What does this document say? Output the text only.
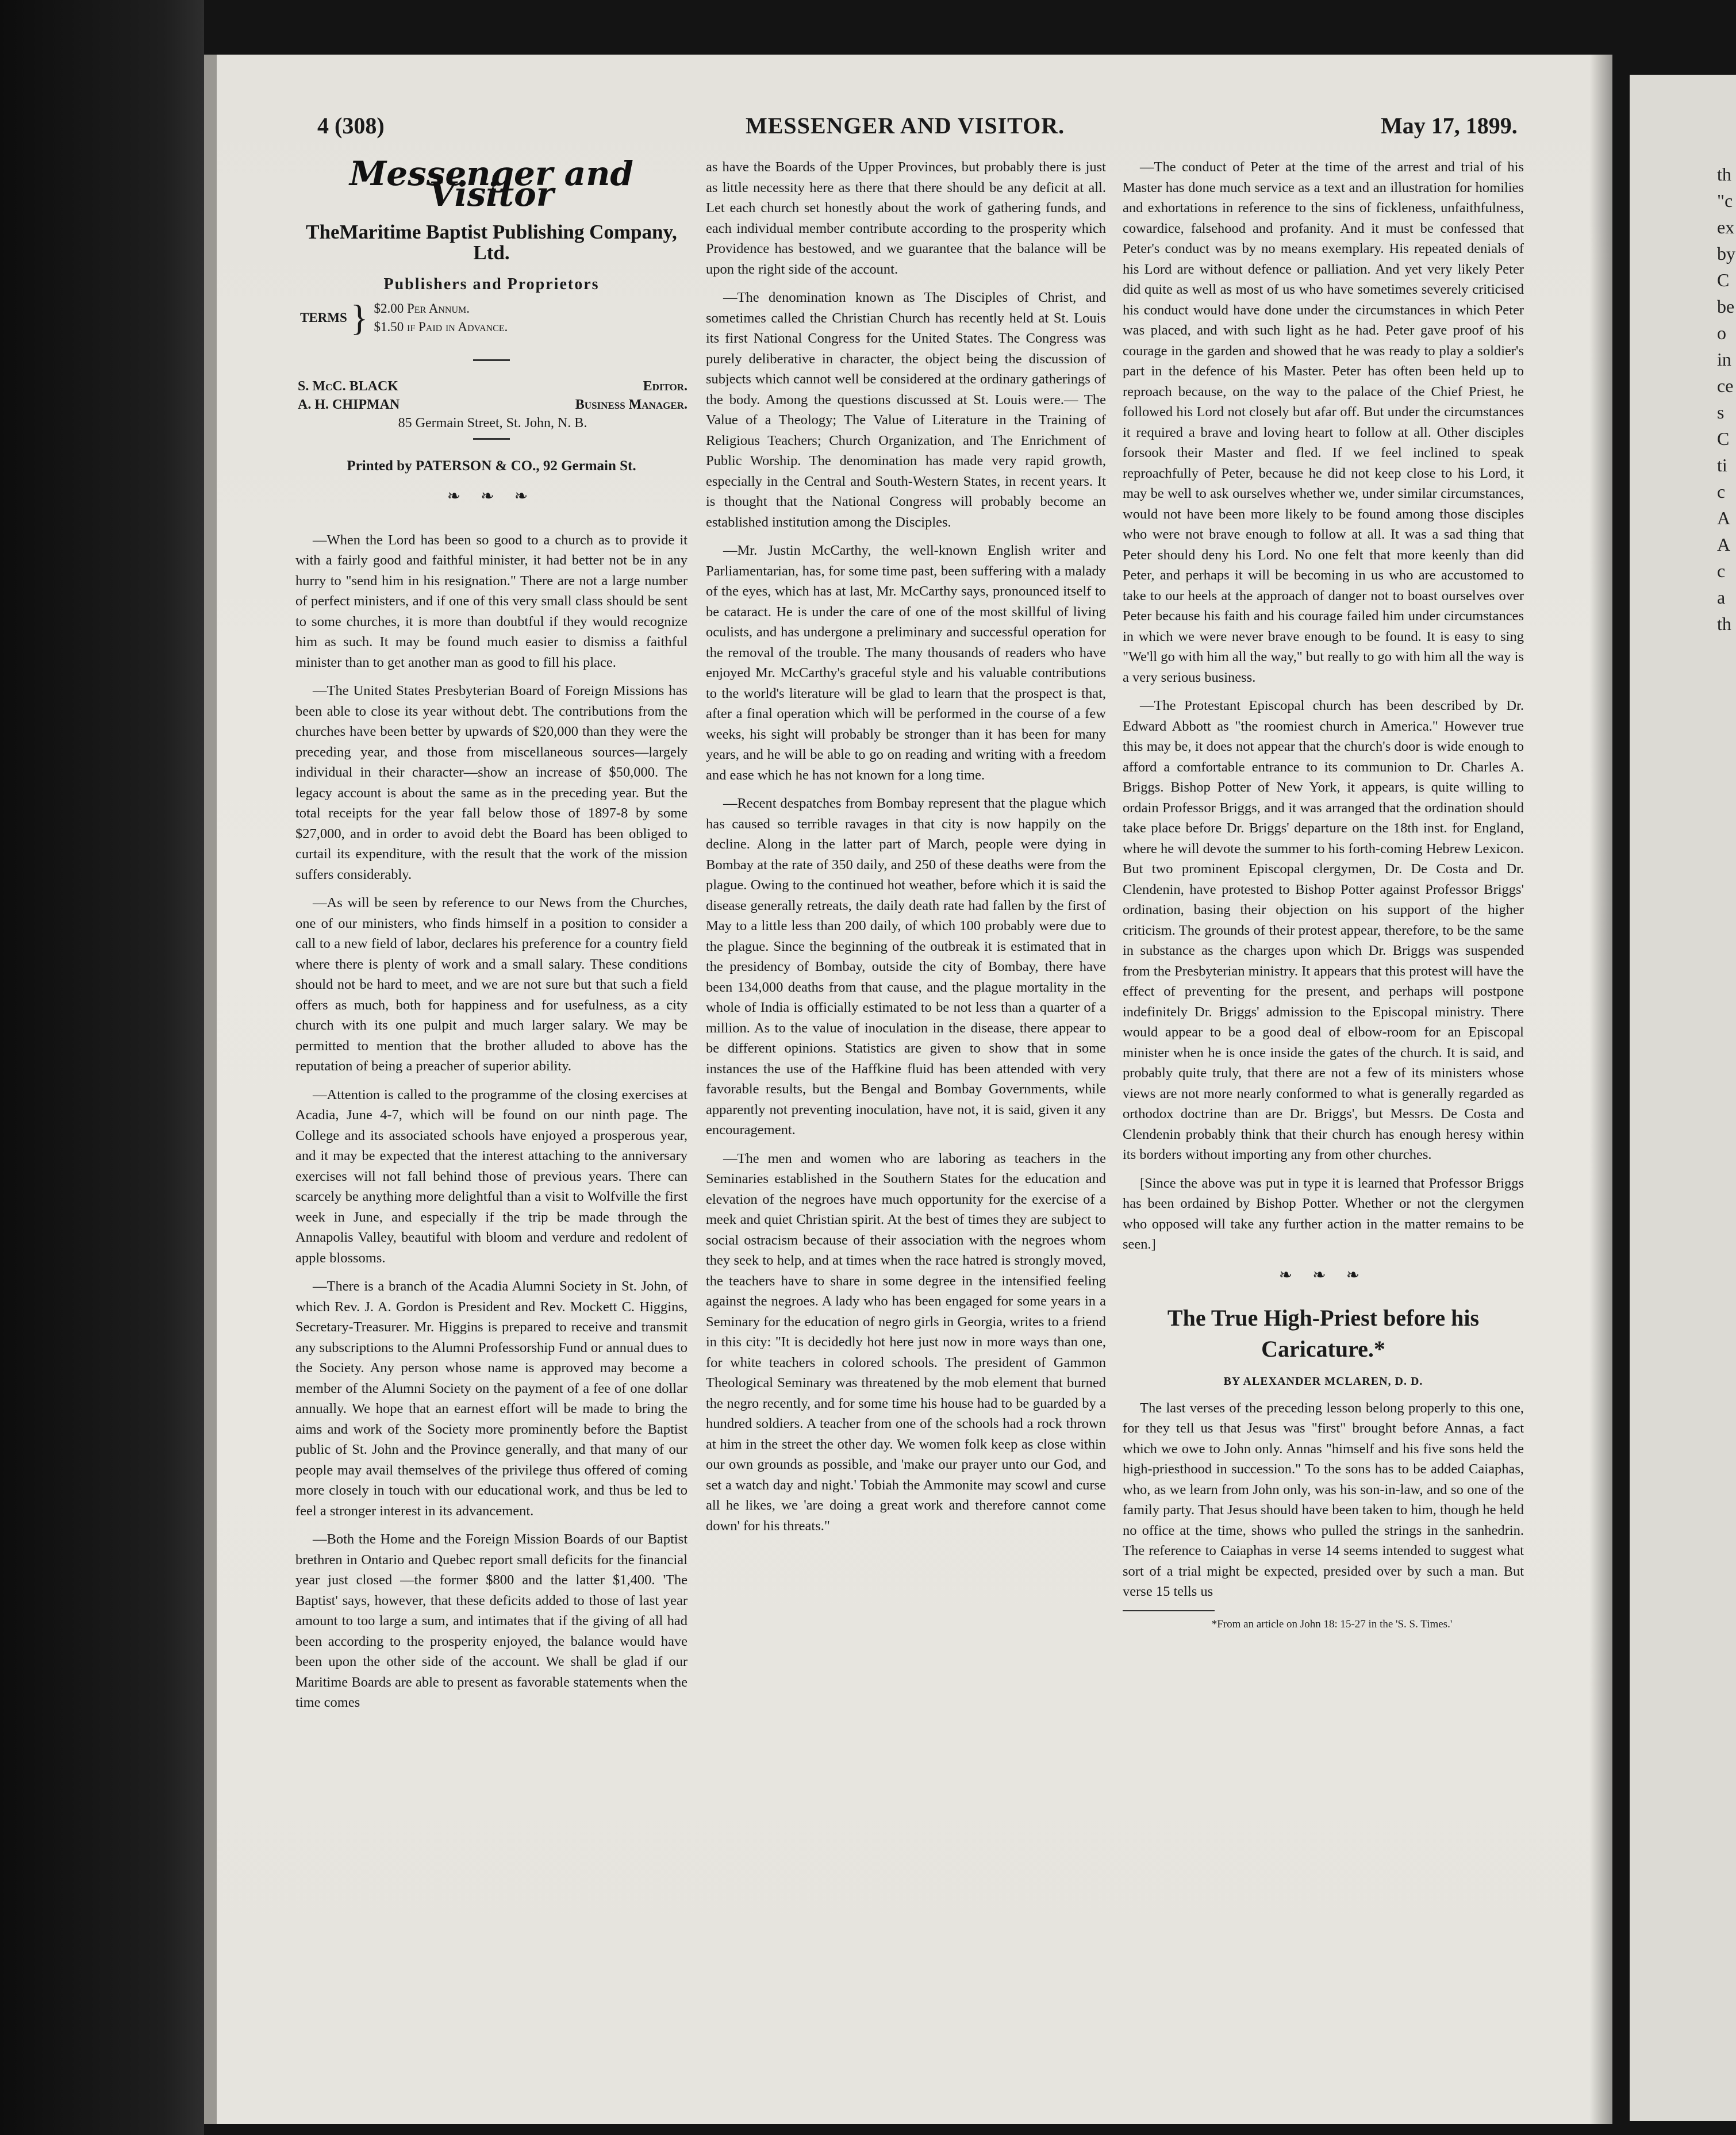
4 (308)	MESSENGER AND VISITOR.	May 17, 1899.
Messenger and Visitor
TheMaritime Baptist Publishing Company, Ltd.
Publishers and Proprietors
TERMS } $2.00 Per Annum.
$1.50 if Paid in Advance.
S. McC. BLACK	Editor.
A. H. CHIPMAN	Business Manager.
85 Germain Street, St. John, N. B.
Printed by PATERSON & CO., 92 Germain St.
❧ ❧ ❧

—When the Lord has been so good to a church as to provide it with a fairly good and faithful minister, it had better not be in any hurry to "send him in his resignation." There are not a large number of perfect ministers, and if one of this very small class should be sent to some churches, it is more than doubtful if they would recognize him as such. It may be found much easier to dismiss a faithful minister than to get another man as good to fill his place.

—The United States Presbyterian Board of Foreign Missions has been able to close its year without debt. The contributions from the churches have been better by upwards of $20,000 than they were the preceding year, and those from miscellaneous sources—largely individual in their character—show an increase of $50,000. The legacy account is about the same as in the preceding year. But the total receipts for the year fall below those of 1897-8 by some $27,000, and in order to avoid debt the Board has been obliged to curtail its expenditure, with the result that the work of the mission suffers considerably.

—As will be seen by reference to our News from the Churches, one of our ministers, who finds himself in a position to consider a call to a new field of labor, declares his preference for a country field where there is plenty of work and a small salary. These conditions should not be hard to meet, and we are not sure but that such a field offers as much, both for happiness and for usefulness, as a city church with its one pulpit and much larger salary. We may be permitted to mention that the brother alluded to above has the reputation of being a preacher of superior ability.

—Attention is called to the programme of the closing exercises at Acadia, June 4-7, which will be found on our ninth page. The College and its associated schools have enjoyed a prosperous year, and it may be expected that the interest attaching to the anniversary exercises will not fall behind those of previous years. There can scarcely be anything more delightful than a visit to Wolfville the first week in June, and especially if the trip be made through the Annapolis Valley, beautiful with bloom and verdure and redolent of apple blossoms.

—There is a branch of the Acadia Alumni Society in St. John, of which Rev. J. A. Gordon is President and Rev. Mockett C. Higgins, Secretary-Treasurer. Mr. Higgins is prepared to receive and transmit any subscriptions to the Alumni Professorship Fund or annual dues to the Society. Any person whose name is approved may become a member of the Alumni Society on the payment of a fee of one dollar annually. We hope that an earnest effort will be made to bring the aims and work of the Society more prominently before the Baptist public of St. John and the Province generally, and that many of our people may avail themselves of the privilege thus offered of coming more closely in touch with our educational work, and thus be led to feel a stronger interest in its advancement.

—Both the Home and the Foreign Mission Boards of our Baptist brethren in Ontario and Quebec report small deficits for the financial year just closed —the former $800 and the latter $1,400. 'The Baptist' says, however, that these deficits added to those of last year amount to too large a sum, and intimates that if the giving of all had been according to the prosperity enjoyed, the balance would have been upon the other side of the account. We shall be glad if our Maritime Boards are able to present as favorable statements when the time comes

as have the Boards of the Upper Provinces, but probably there is just as little necessity here as there that there should be any deficit at all. Let each church set honestly about the work of gathering funds, and each individual member contribute according to the prosperity which Providence has bestowed, and we guarantee that the balance will be upon the right side of the account.

—The denomination known as The Disciples of Christ, and sometimes called the Christian Church has recently held at St. Louis its first National Congress for the United States. The Congress was purely deliberative in character, the object being the discussion of subjects which cannot well be considered at the ordinary gatherings of the body. Among the questions discussed at St. Louis were.— The Value of a Theology; The Value of Literature in the Training of Religious Teachers; Church Organization, and The Enrichment of Public Worship. The denomination has made very rapid growth, especially in the Central and South-Western States, in recent years. It is thought that the National Congress will probably become an established institution among the Disciples.

—Mr. Justin McCarthy, the well-known English writer and Parliamentarian, has, for some time past, been suffering with a malady of the eyes, which has at last, Mr. McCarthy says, pronounced itself to be cataract. He is under the care of one of the most skillful of living oculists, and has undergone a preliminary and successful operation for the removal of the trouble. The many thousands of readers who have enjoyed Mr. McCarthy's graceful style and his valuable contributions to the world's literature will be glad to learn that the prospect is that, after a final operation which will be performed in the course of a few weeks, his sight will probably be stronger than it has been for many years, and he will be able to go on reading and writing with a freedom and ease which he has not known for a long time.

—Recent despatches from Bombay represent that the plague which has caused so terrible ravages in that city is now happily on the decline. Along in the latter part of March, people were dying in Bombay at the rate of 350 daily, and 250 of these deaths were from the plague. Owing to the continued hot weather, before which it is said the disease generally retreats, the daily death rate had fallen by the first of May to a little less than 200 daily, of which 100 probably were due to the plague. Since the beginning of the outbreak it is estimated that in the presidency of Bombay, outside the city of Bombay, there have been 134,000 deaths from that cause, and the plague mortality in the whole of India is officially estimated to be not less than a quarter of a million. As to the value of inoculation in the disease, there appear to be different opinions. Statistics are given to show that in some instances the use of the Haffkine fluid has been attended with very favorable results, but the Bengal and Bombay Governments, while apparently not preventing inoculation, have not, it is said, given it any encouragement.

—The men and women who are laboring as teachers in the Seminaries established in the Southern States for the education and elevation of the negroes have much opportunity for the exercise of a meek and quiet Christian spirit. At the best of times they are subject to social ostracism because of their association with the negroes whom they seek to help, and at times when the race hatred is strongly moved, the teachers have to share in some degree in the intensified feeling against the negroes. A lady who has been engaged for some years in a Seminary for the education of negro girls in Georgia, writes to a friend in this city: "It is decidedly hot here just now in more ways than one, for white teachers in colored schools. The president of Gammon Theological Seminary was threatened by the mob element that burned the negro recently, and for some time his house had to be guarded by a hundred soldiers. A teacher from one of the schools had a rock thrown at him in the street the other day. We women folk keep as close within our own grounds as possible, and 'make our prayer unto our God, and set a watch day and night.' Tobiah the Ammonite may scowl and curse all he likes, we 'are doing a great work and therefore cannot come down' for his threats."

—The conduct of Peter at the time of the arrest and trial of his Master has done much service as a text and an illustration for homilies and exhortations in reference to the sins of fickleness, unfaithfulness, cowardice, falsehood and profanity. And it must be confessed that Peter's conduct was by no means exemplary. His repeated denials of his Lord are without defence or palliation. And yet very likely Peter did quite as well as most of us who have sometimes severely criticised his conduct would have done under the circumstances in which Peter was placed, and with such light as he had. Peter gave proof of his courage in the garden and showed that he was ready to play a soldier's part in the defence of his Master. Peter has often been held up to reproach because, on the way to the palace of the Chief Priest, he followed his Lord not closely but afar off. But under the circumstances it required a brave and loving heart to follow at all. Other disciples forsook their Master and fled. If we feel inclined to speak reproachfully of Peter, because he did not keep close to his Lord, it may be well to ask ourselves whether we, under similar circumstances, would not have been more likely to be found among those disciples who were not brave enough to follow at all. It was a sad thing that Peter should deny his Lord. No one felt that more keenly than did Peter, and perhaps it will be becoming in us who are accustomed to take to our heels at the approach of danger not to boast ourselves over Peter because his faith and his courage failed him under circumstances in which we were never brave enough to be found. It is easy to sing "We'll go with him all the way," but really to go with him all the way is a very serious business.

—The Protestant Episcopal church has been described by Dr. Edward Abbott as "the roomiest church in America." However true this may be, it does not appear that the church's door is wide enough to afford a comfortable entrance to its communion to Dr. Charles A. Briggs. Bishop Potter of New York, it appears, is quite willing to ordain Professor Briggs, and it was arranged that the ordination should take place before Dr. Briggs' departure on the 18th inst. for England, where he will devote the summer to his forth-coming Hebrew Lexicon. But two prominent Episcopal clergymen, Dr. De Costa and Dr. Clendenin, have protested to Bishop Potter against Professor Briggs' ordination, basing their objection on his support of the higher criticism. The grounds of their protest appear, therefore, to be the same in substance as the charges upon which Dr. Briggs was suspended from the Presbyterian ministry. It appears that this protest will have the effect of preventing for the present, and perhaps will postpone indefinitely Dr. Briggs' admission to the Episcopal ministry. There would appear to be a good deal of elbow-room for an Episcopal minister when he is once inside the gates of the church. It is said, and probably quite truly, that there are not a few of its ministers whose views are not more nearly conformed to what is generally regarded as orthodox doctrine than are Dr. Briggs', but Messrs. De Costa and Clendenin probably think that their church has enough heresy within its borders without importing any from other churches.

[Since the above was put in type it is learned that Professor Briggs has been ordained by Bishop Potter. Whether or not the clergymen who opposed will take any further action in the matter remains to be seen.]

❧ ❧ ❧
The True High-Priest before his Caricature.*
BY ALEXANDER MCLAREN, D. D.

The last verses of the preceding lesson belong properly to this one, for they tell us that Jesus was "first" brought before Annas, a fact which we owe to John only. Annas "himself and his five sons held the high-priesthood in succession." To the sons has to be added Caiaphas, who, as we learn from John only, was his son-in-law, and so one of the family party. That Jesus should have been taken to him, though he held no office at the time, shows who pulled the strings in the sanhedrin. The reference to Caiaphas in verse 14 seems intended to suggest what sort of a trial might be expected, presided over by such a man. But verse 15 tells us

*From an article on John 18: 15-27 in the 'S. S. Times.'

th
"c
ex
by
C
be
o
in
ce
s
C
ti
c
A
A
c
a
th
